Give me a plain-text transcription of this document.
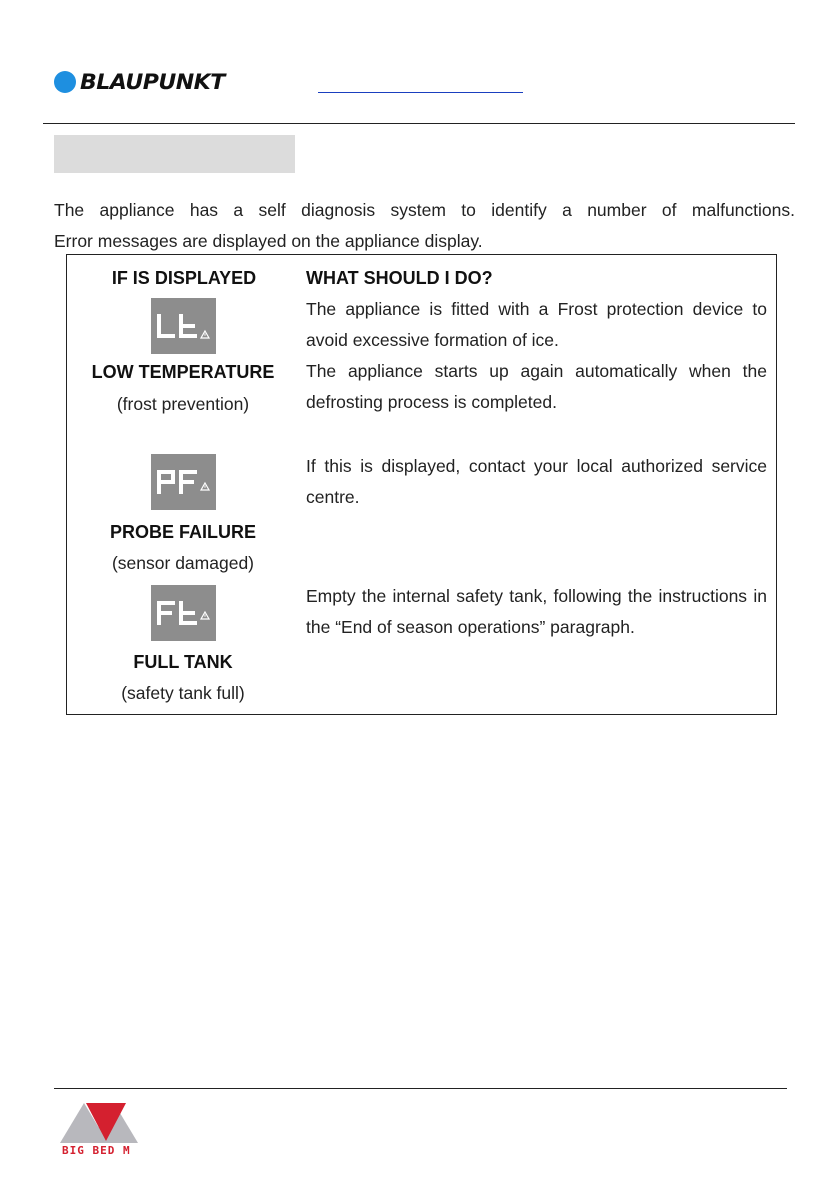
BLAUPUNKT

The appliance has a self diagnosis system to identify a number of malfunctions.

Error messages are displayed on the appliance display.

IF IS DISPLAYED	WHAT SHOULD I DO?
LOW TEMPERATURE
(frost prevention)

The appliance is fitted with a Frost protection device to avoid excessive formation of ice.

The appliance starts up again automatically when the defrosting process is completed.

PROBE FAILURE
(sensor damaged)

If this is displayed, contact your local authorized service centre.

FULL TANK
(safety tank full)

Empty the internal safety tank, following the instructions in the “End of season operations” paragraph.

BIG BED M
